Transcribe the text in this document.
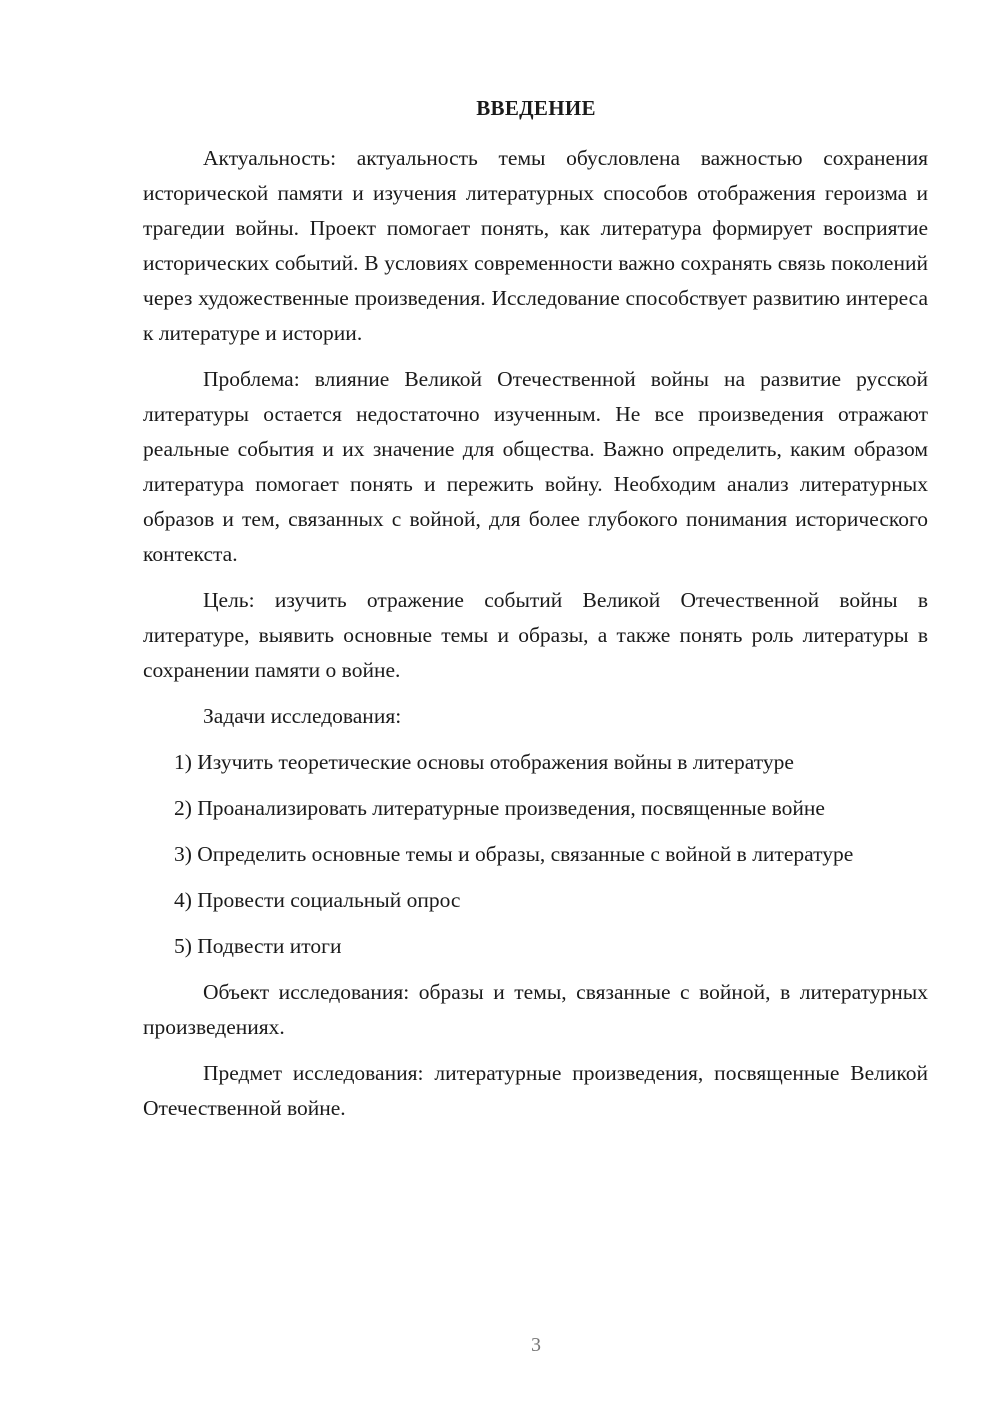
ВВЕДЕНИЕ

Актуальность: актуальность темы обусловлена важностью сохранения исторической памяти и изучения литературных способов отображения героизма и трагедии войны. Проект помогает понять, как литература формирует восприятие исторических событий. В условиях современности важно сохранять связь поколений через художественные произведения. Исследование способствует развитию интереса к литературе и истории.

Проблема: влияние Великой Отечественной войны на развитие русской литературы остается недостаточно изученным. Не все произведения отражают реальные события и их значение для общества. Важно определить, каким образом литература помогает понять и пережить войну. Необходим анализ литературных образов и тем, связанных с войной, для более глубокого понимания исторического контекста.

Цель: изучить отражение событий Великой Отечественной войны в литературе, выявить основные темы и образы, а также понять роль литературы в сохранении памяти о войне.

Задачи исследования:

1) Изучить теоретические основы отображения войны в литературе

2) Проанализировать литературные произведения, посвященные войне

3) Определить основные темы и образы, связанные с войной в литературе

4) Провести социальный опрос

5) Подвести итоги

Объект исследования: образы и темы, связанные с войной, в литературных произведениях.

Предмет исследования: литературные произведения, посвященные Великой Отечественной войне.

3
